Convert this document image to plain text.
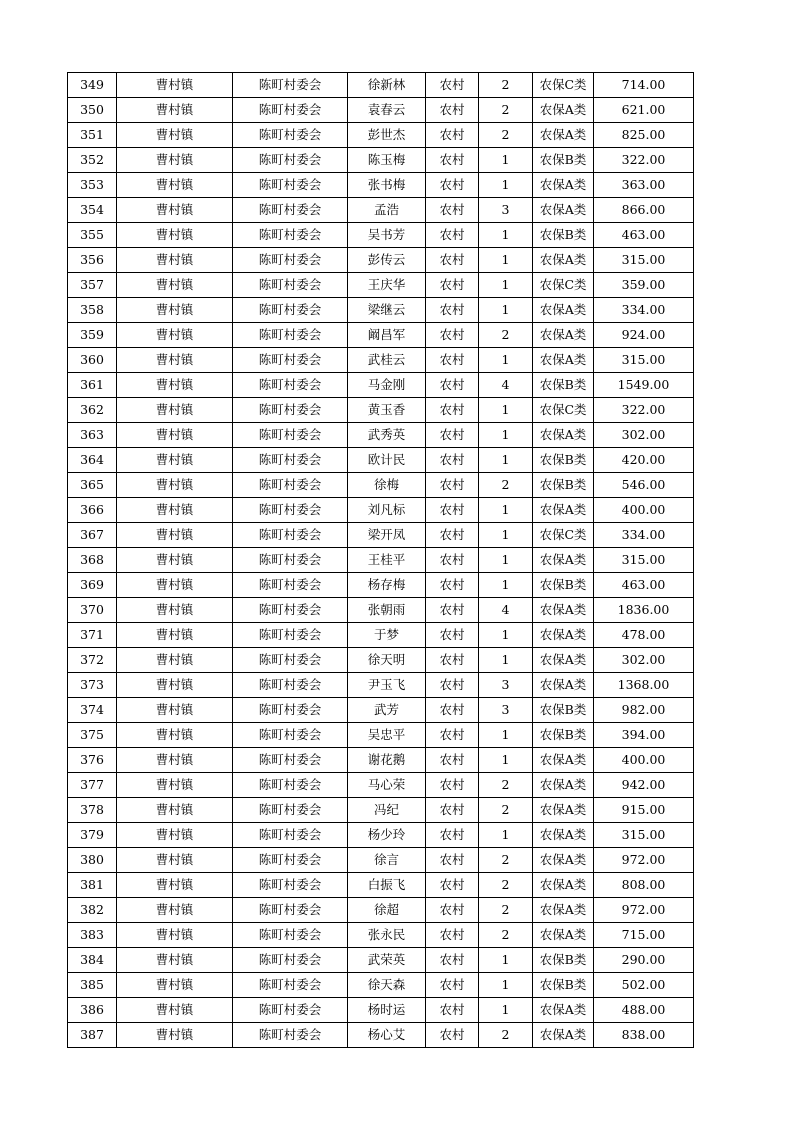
349	曹村镇	陈町村委会	徐新林	农村	2	农保C类	714.00
350	曹村镇	陈町村委会	袁春云	农村	2	农保A类	621.00
351	曹村镇	陈町村委会	彭世杰	农村	2	农保A类	825.00
352	曹村镇	陈町村委会	陈玉梅	农村	1	农保B类	322.00
353	曹村镇	陈町村委会	张书梅	农村	1	农保A类	363.00
354	曹村镇	陈町村委会	孟浩	农村	3	农保A类	866.00
355	曹村镇	陈町村委会	吴书芳	农村	1	农保B类	463.00
356	曹村镇	陈町村委会	彭传云	农村	1	农保A类	315.00
357	曹村镇	陈町村委会	王庆华	农村	1	农保C类	359.00
358	曹村镇	陈町村委会	梁继云	农村	1	农保A类	334.00
359	曹村镇	陈町村委会	阚昌军	农村	2	农保A类	924.00
360	曹村镇	陈町村委会	武桂云	农村	1	农保A类	315.00
361	曹村镇	陈町村委会	马金刚	农村	4	农保B类	1549.00
362	曹村镇	陈町村委会	黄玉香	农村	1	农保C类	322.00
363	曹村镇	陈町村委会	武秀英	农村	1	农保A类	302.00
364	曹村镇	陈町村委会	欧计民	农村	1	农保B类	420.00
365	曹村镇	陈町村委会	徐梅	农村	2	农保B类	546.00
366	曹村镇	陈町村委会	刘凡标	农村	1	农保A类	400.00
367	曹村镇	陈町村委会	梁开凤	农村	1	农保C类	334.00
368	曹村镇	陈町村委会	王桂平	农村	1	农保A类	315.00
369	曹村镇	陈町村委会	杨存梅	农村	1	农保B类	463.00
370	曹村镇	陈町村委会	张朝雨	农村	4	农保A类	1836.00
371	曹村镇	陈町村委会	于梦	农村	1	农保A类	478.00
372	曹村镇	陈町村委会	徐天明	农村	1	农保A类	302.00
373	曹村镇	陈町村委会	尹玉飞	农村	3	农保A类	1368.00
374	曹村镇	陈町村委会	武芳	农村	3	农保B类	982.00
375	曹村镇	陈町村委会	吴忠平	农村	1	农保B类	394.00
376	曹村镇	陈町村委会	谢花鹅	农村	1	农保A类	400.00
377	曹村镇	陈町村委会	马心荣	农村	2	农保A类	942.00
378	曹村镇	陈町村委会	冯纪	农村	2	农保A类	915.00
379	曹村镇	陈町村委会	杨少玲	农村	1	农保A类	315.00
380	曹村镇	陈町村委会	徐言	农村	2	农保A类	972.00
381	曹村镇	陈町村委会	白振飞	农村	2	农保A类	808.00
382	曹村镇	陈町村委会	徐超	农村	2	农保A类	972.00
383	曹村镇	陈町村委会	张永民	农村	2	农保A类	715.00
384	曹村镇	陈町村委会	武荣英	农村	1	农保B类	290.00
385	曹村镇	陈町村委会	徐天森	农村	1	农保B类	502.00
386	曹村镇	陈町村委会	杨时运	农村	1	农保A类	488.00
387	曹村镇	陈町村委会	杨心艾	农村	2	农保A类	838.00
